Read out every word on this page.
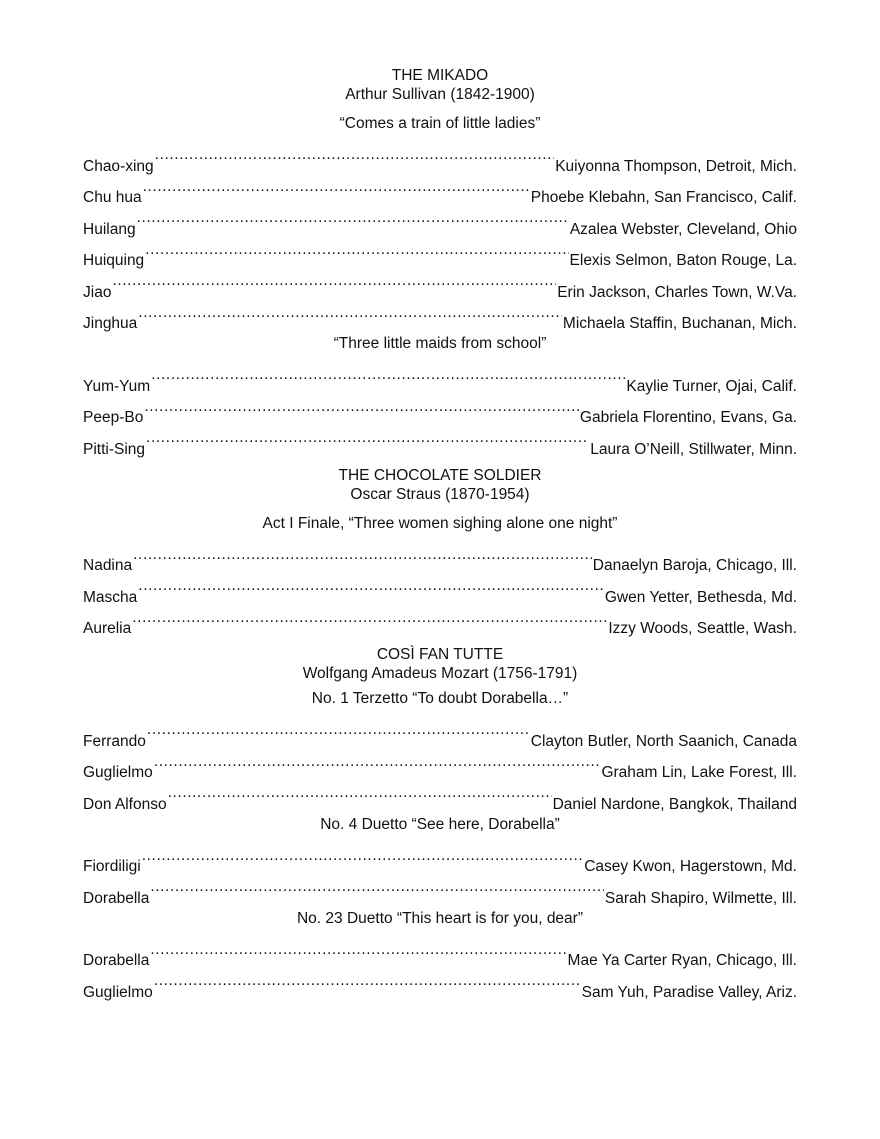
THE MIKADO
Arthur Sullivan (1842-1900)
“Comes a train of little ladies”
Chao-xing .....	Kuiyonna Thompson, Detroit, Mich.
Chu hua .....	Phoebe Klebahn, San Francisco, Calif.
Huilang .....	Azalea Webster, Cleveland, Ohio
Huiquing .....	Elexis Selmon, Baton Rouge, La.
Jiao .....	Erin Jackson, Charles Town, W.Va.
Jinghua .....	Michaela Staffin, Buchanan, Mich.
“Three little maids from school”
Yum-Yum .....	Kaylie Turner, Ojai, Calif.
Peep-Bo .....	Gabriela Florentino, Evans, Ga.
Pitti-Sing .....	Laura O’Neill, Stillwater, Minn.
THE CHOCOLATE SOLDIER
Oscar Straus (1870-1954)
Act I Finale, “Three women sighing alone one night”
Nadina .....	Danaelyn Baroja, Chicago, Ill.
Mascha .....	Gwen Yetter, Bethesda, Md.
Aurelia .....	Izzy Woods, Seattle, Wash.
COSÌ FAN TUTTE
Wolfgang Amadeus Mozart (1756-1791)
No. 1 Terzetto “To doubt Dorabella…”
Ferrando .....	Clayton Butler, North Saanich, Canada
Guglielmo .....	Graham Lin, Lake Forest, Ill.
Don Alfonso .....	Daniel Nardone, Bangkok, Thailand
No. 4 Duetto “See here, Dorabella”
Fiordiligi .....	Casey Kwon, Hagerstown, Md.
Dorabella .....	Sarah Shapiro, Wilmette, Ill.
No. 23 Duetto “This heart is for you, dear”
Dorabella .....	Mae Ya Carter Ryan, Chicago, Ill.
Guglielmo .....	Sam Yuh, Paradise Valley, Ariz.
